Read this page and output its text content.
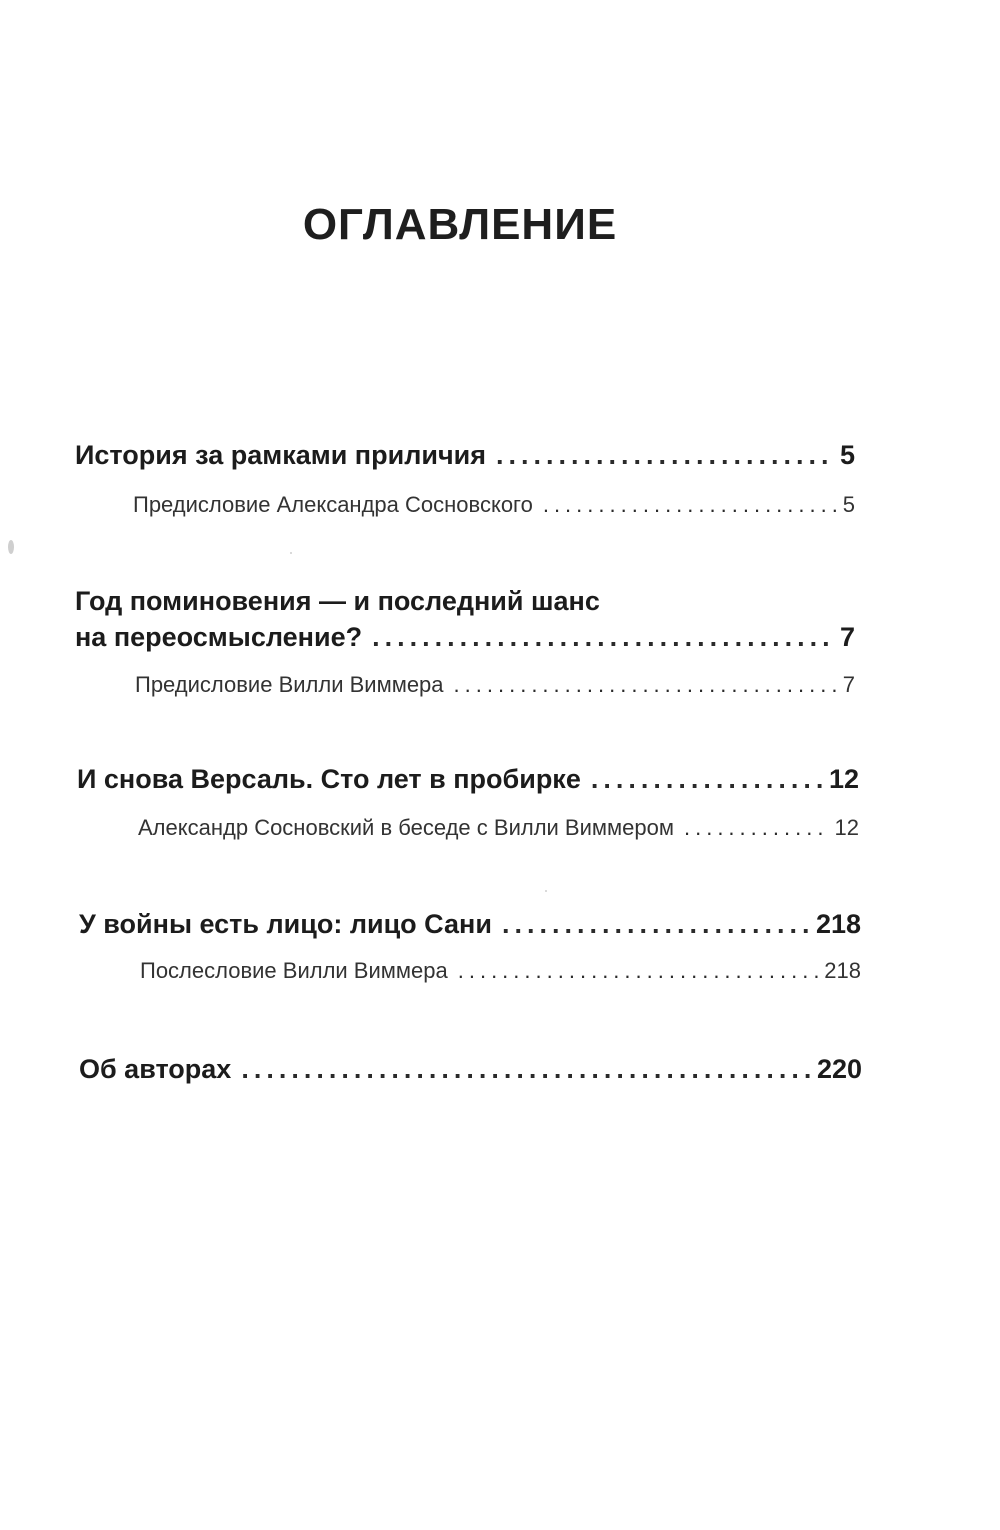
ОГЛАВЛЕНИЕ
История за рамками приличия .....	5
Предисловие Александра Сосновского .....	5
Год поминовения — и последний шанс
на переосмысление? .....	7
Предисловие Вилли Виммера .....	7
И снова Версаль. Сто лет в пробирке .....	12
Александр Сосновский в беседе с Вилли Виммером .....	12
У войны есть лицо: лицо Сани .....	218
Послесловие Вилли Виммера .....	218
Об авторах .....	220
